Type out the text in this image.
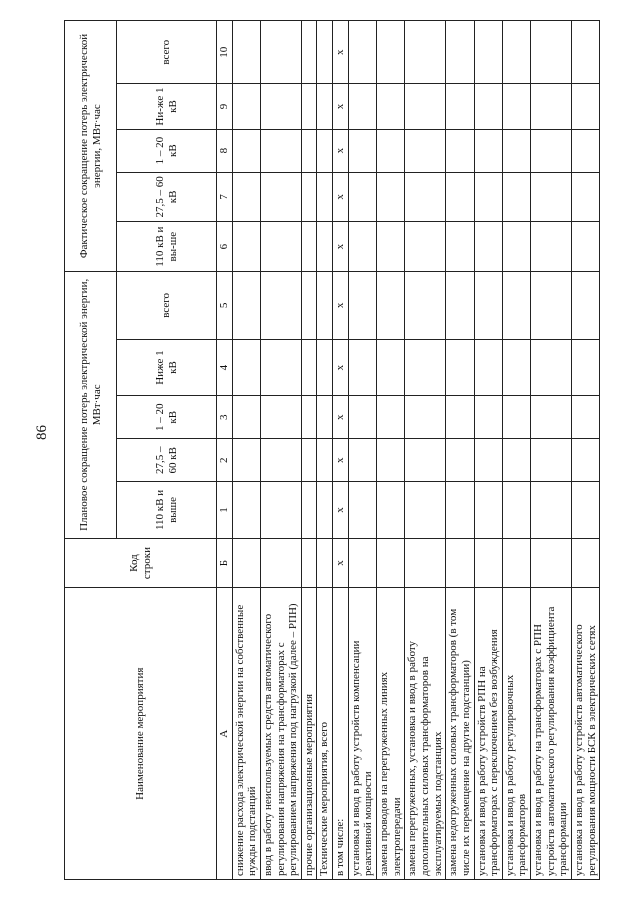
86
Наименование мероприятия	Код строки	Плановое сокращение потерь электрической энергии, МВт·час					Фактическое сокращение потерь электрической энергии, МВт·час				
		110 кВ и выше	27,5 – 60 кВ	1 – 20 кВ	Ниже 1 кВ	всего	110 кВ и вы-ше	27,5 – 60 кВ	1 – 20 кВ	Ни-же 1 кВ	всего
А	Б	1	2	3	4	5	6	7	8	9	10
снижение расхода электрической энергии на собственные нужды подстанций											
ввод в работу неиспользуемых средств автоматического регулирования напряжения на трансформаторах с регулированием напряжения под нагрузкой (далее – РПН)											
прочие организационные мероприятия											
Технические мероприятия, всего											
в том числе:	х	х	х	х	х	х	х	х	х	х	х
установка и ввод в работу устройств компенсации реактивной мощности											
замена проводов на перегруженных линиях электропередачи											
замена перегруженных, установка и ввод в работу дополнительных силовых трансформаторов на эксплуатируемых подстанциях											
замена недогруженных силовых трансформаторов (в том числе их перемещение на другие подстанции)											
установка и ввод в работу устройств РПН на трансформаторах с переключением без возбуждения											
установка и ввод в работу регулировочных трансформаторов											
установка и ввод в работу на трансформаторах с РПН устройств автоматического регулирования коэффициента трансформации											
установка и ввод в работу устройств автоматического регулирования мощности БСК в электрических сетях											
